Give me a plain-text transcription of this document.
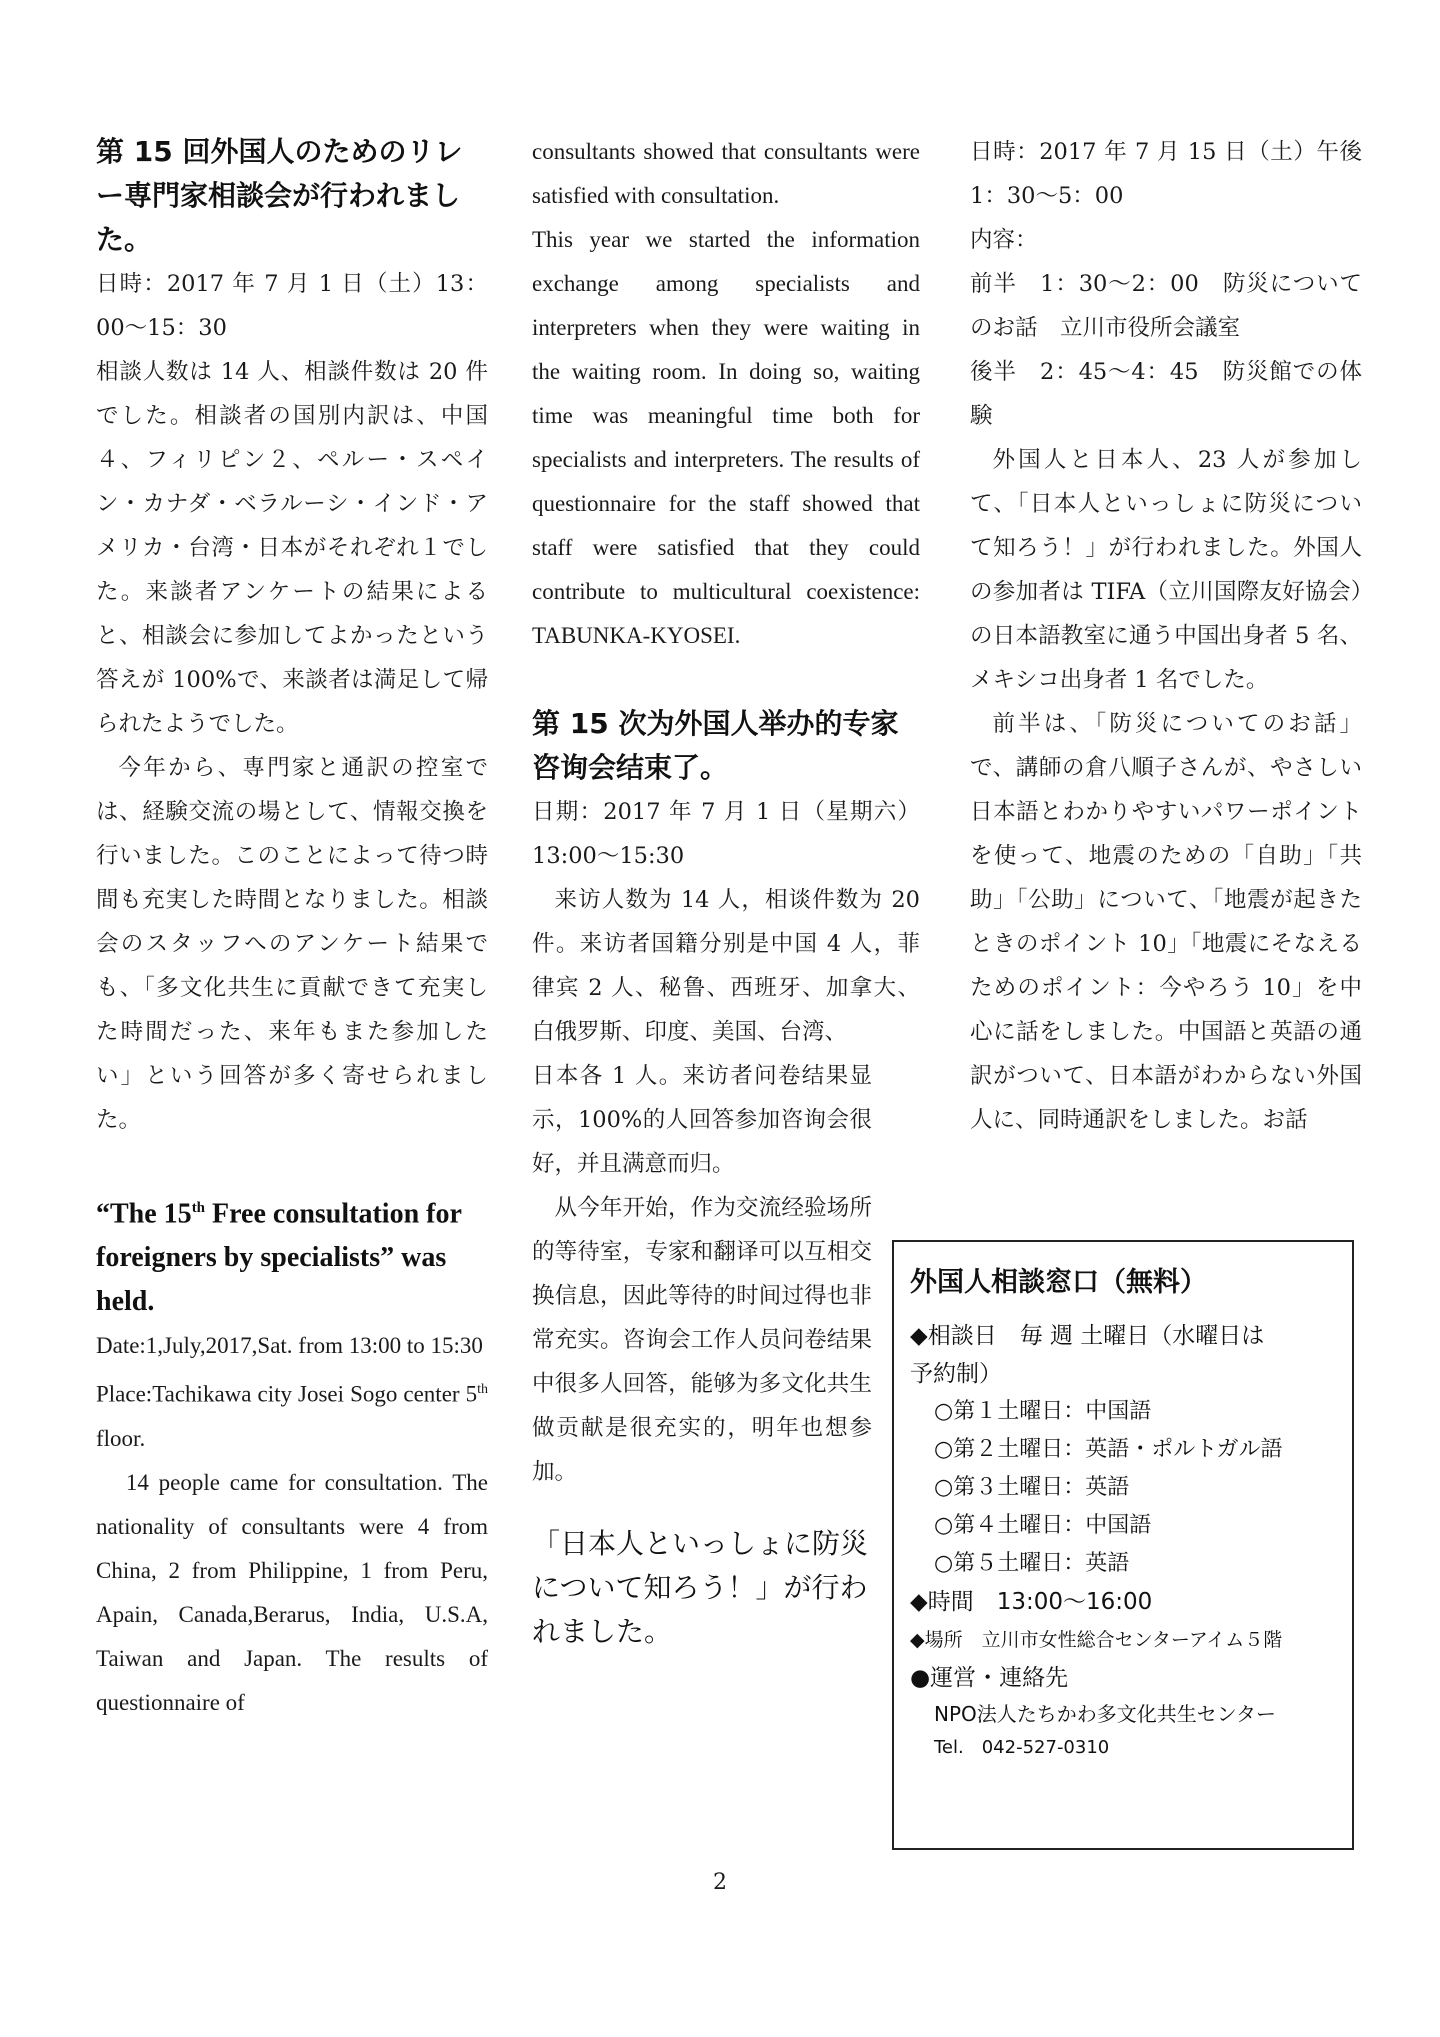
第 15 回外国人のためのリレ
ー専門家相談会が行われまし
た。

日時：2017 年 7 月 1 日（土）13：00〜15：30

相談人数は 14 人、相談件数は 20 件でした。相談者の国別内訳は、中国４、フィリピン２、ペルー・スペイン・カナダ・ベラルーシ・インド・アメリカ・台湾・日本がそれぞれ１でした。来談者アンケートの結果によると、相談会に参加してよかったという答えが 100%で、来談者は満足して帰られたようでした。

今年から、専門家と通訳の控室では、経験交流の場として、情報交換を行いました。このことによって待つ時間も充実した時間となりました。相談会のスタッフへのアンケート結果でも、「多文化共生に貢献できて充実した時間だった、来年もまた参加したい」という回答が多く寄せられました。

“The 15th Free consultation for foreigners by specialists” was held.

Date:1,July,2017,Sat. from 13:00 to 15:30

Place:Tachikawa city Josei Sogo center 5th floor.

14 people came for consultation. The nationality of consultants were 4 from China, 2 from Philippine, 1 from Peru, Apain, Canada,Berarus, India, U.S.A, Taiwan and Japan. The results of questionnaire of

consultants showed that consultants were satisfied with consultation.

This year we started the information exchange among specialists and interpreters when they were waiting in the waiting room. In doing so, waiting time was meaningful time both for specialists and interpreters. The results of questionnaire for the staff showed that staff were satisfied that they could contribute to multicultural coexistence: TABUNKA-KYOSEI.

第 15 次为外国人举办的专家咨询会结束了。

日期：2017 年 7 月 1 日（星期六）13:00〜15:30

来访人数为 14 人，相谈件数为 20 件。来访者国籍分别是中国 4 人，菲律宾 2 人、秘鲁、西班牙、加拿大、白俄罗斯、印度、美国、台湾、

日本各 1 人。来访者问卷结果显示，100%的人回答参加咨询会很好，并且满意而归。

从今年开始，作为交流经验场所的等待室，专家和翻译可以互相交换信息，因此等待的时间过得也非常充实。咨询会工作人员问卷结果中很多人回答，能够为多文化共生做贡献是很充实的，明年也想参加。

「日本人といっしょに防災について知ろう！」が行われました。

日時：2017 年 7 月 15 日（土）午後 1：30〜5：00

内容：

前半　1：30〜2：00　防災についてのお話　立川市役所会議室

後半　2：45〜4：45　防災館での体験

外国人と日本人、23 人が参加して、「日本人といっしょに防災について知ろう！」が行われました。外国人の参加者は TIFA（立川国際友好協会）の日本語教室に通う中国出身者 5 名、メキシコ出身者 1 名でした。

前半は、「防災についてのお話」で、講師の倉八順子さんが、やさしい日本語とわかりやすいパワーポイントを使って、地震のための「自助」「共助」「公助」について、「地震が起きたときのポイント 10」「地震にそなえるためのポイント：今やろう 10」を中心に話をしました。中国語と英語の通訳がついて、日本語がわからない外国人に、同時通訳をしました。お話

外国人相談窓口（無料）

◆相談日　毎 週 土曜日（水曜日は

予約制）

○第１土曜日：中国語

○第２土曜日：英語・ポルトガル語

○第３土曜日：英語

○第４土曜日：中国語

○第５土曜日：英語

◆時間　13:00〜16:00

◆場所　立川市女性総合センターアイム５階

●運営・連絡先

NPO法人たちかわ多文化共生センター

Tel.　042-527-0310

2
